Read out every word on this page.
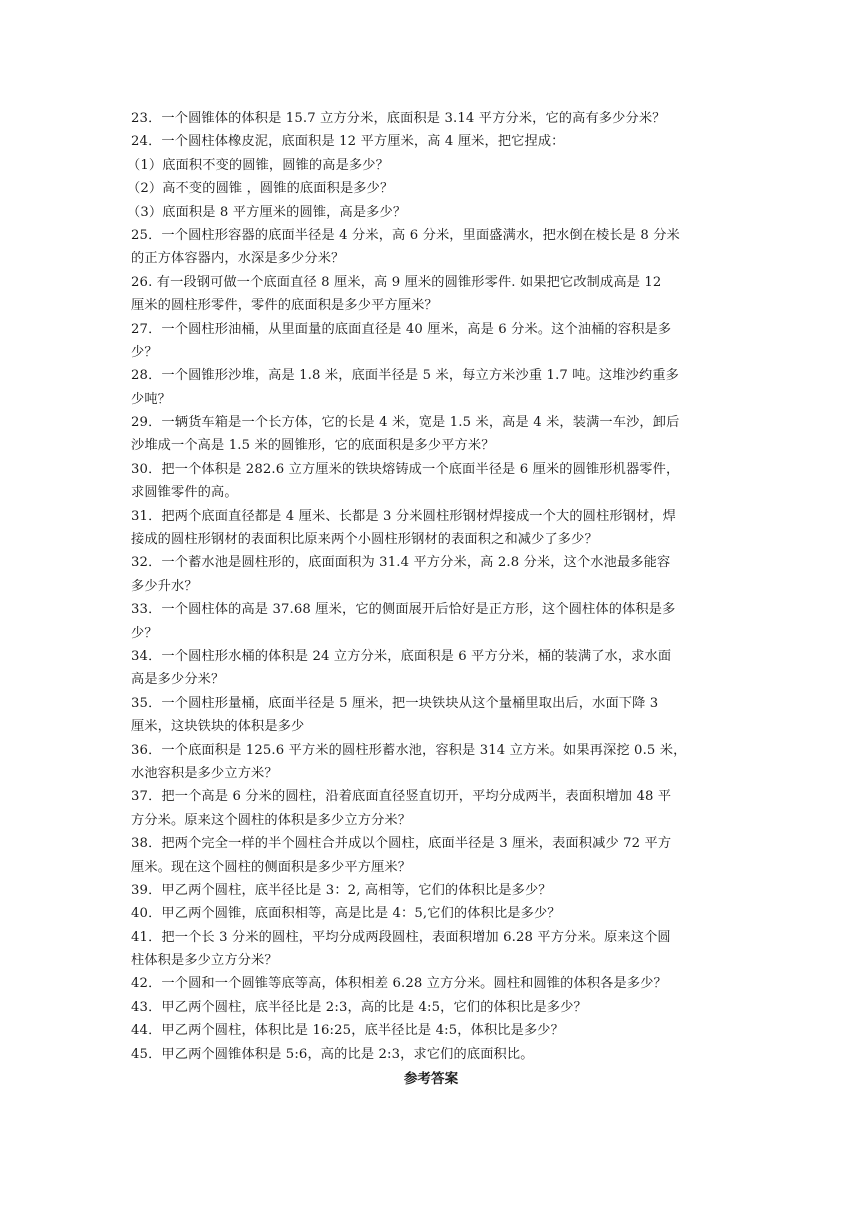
23．一个圆锥体的体积是 15.7 立方分米，底面积是 3.14 平方分米，它的高有多少分米？
24．一个圆柱体橡皮泥，底面积是 12 平方厘米，高 4 厘米，把它捏成：
（1）底面积不变的圆锥，圆锥的高是多少？
（2）高不变的圆锥 ，圆锥的底面积是多少？
（3）底面积是 8 平方厘米的圆锥，高是多少？
25．一个圆柱形容器的底面半径是 4 分米，高 6 分米，里面盛满水，把水倒在棱长是 8 分米
的正方体容器内，水深是多少分米？
26. 有一段钢可做一个底面直径 8 厘米，高 9 厘米的圆锥形零件. 如果把它改制成高是 12
厘米的圆柱形零件，零件的底面积是多少平方厘米？
27．一个圆柱形油桶，从里面量的底面直径是 40 厘米，高是 6 分米。这个油桶的容积是多
少？
28．一个圆锥形沙堆，高是 1.8 米，底面半径是 5 米，每立方米沙重 1.7 吨。这堆沙约重多
少吨？
29．一辆货车箱是一个长方体，它的长是 4 米，宽是 1.5 米，高是 4 米，装满一车沙，卸后
沙堆成一个高是 1.5 米的圆锥形，它的底面积是多少平方米？
30．把一个体积是 282.6 立方厘米的铁块熔铸成一个底面半径是 6 厘米的圆锥形机器零件，
求圆锥零件的高。
31．把两个底面直径都是 4 厘米、长都是 3 分米圆柱形钢材焊接成一个大的圆柱形钢材，焊
接成的圆柱形钢材的表面积比原来两个小圆柱形钢材的表面积之和减少了多少？
32．一个蓄水池是圆柱形的，底面面积为 31.4 平方分米，高 2.8 分米，这个水池最多能容
多少升水？
33．一个圆柱体的高是 37.68 厘米，它的侧面展开后恰好是正方形，这个圆柱体的体积是多
少？
34．一个圆柱形水桶的体积是 24 立方分米，底面积是 6 平方分米，桶的装满了水，求水面
高是多少分米？
35．一个圆柱形量桶，底面半径是 5 厘米，把一块铁块从这个量桶里取出后，水面下降 3
厘米，这块铁块的体积是多少
36．一个底面积是 125.6 平方米的圆柱形蓄水池，容积是 314 立方米。如果再深挖 0.5 米，
水池容积是多少立方米？
37．把一个高是 6 分米的圆柱，沿着底面直径竖直切开，平均分成两半，表面积增加 48 平
方分米。原来这个圆柱的体积是多少立方分米？
38．把两个完全一样的半个圆柱合并成以个圆柱，底面半径是 3 厘米，表面积减少 72 平方
厘米。现在这个圆柱的侧面积是多少平方厘米？
39．甲乙两个圆柱，底半径比是 3：2, 高相等，它们的体积比是多少？
40．甲乙两个圆锥，底面积相等，高是比是 4：5,它们的体积比是多少？
41．把一个长 3 分米的圆柱，平均分成两段圆柱，表面积增加 6.28 平方分米。原来这个圆
柱体积是多少立方分米？
42．一个圆和一个圆锥等底等高，体积相差 6.28 立方分米。圆柱和圆锥的体积各是多少？
43．甲乙两个圆柱，底半径比是 2:3，高的比是 4:5，它们的体积比是多少？
44．甲乙两个圆柱，体积比是 16:25，底半径比是 4:5，体积比是多少？
45．甲乙两个圆锥体积是 5:6，高的比是 2:3，求它们的底面积比。
参考答案
